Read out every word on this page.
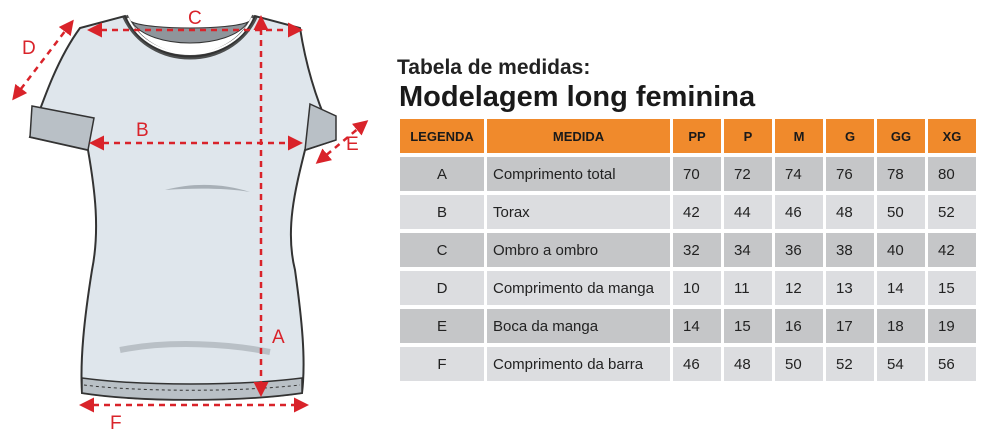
C
B
A
D
E
F
Tabela de medidas:
Modelagem long feminina
LEGENDA	MEDIDA	PP	P	M	G	GG	XG
A	Comprimento total	70	72	74	76	78	80
B	Torax	42	44	46	48	50	52
C	Ombro a ombro	32	34	36	38	40	42
D	Comprimento da manga	10	11	12	13	14	15
E	Boca da manga	14	15	16	17	18	19
F	Comprimento da barra	46	48	50	52	54	56
